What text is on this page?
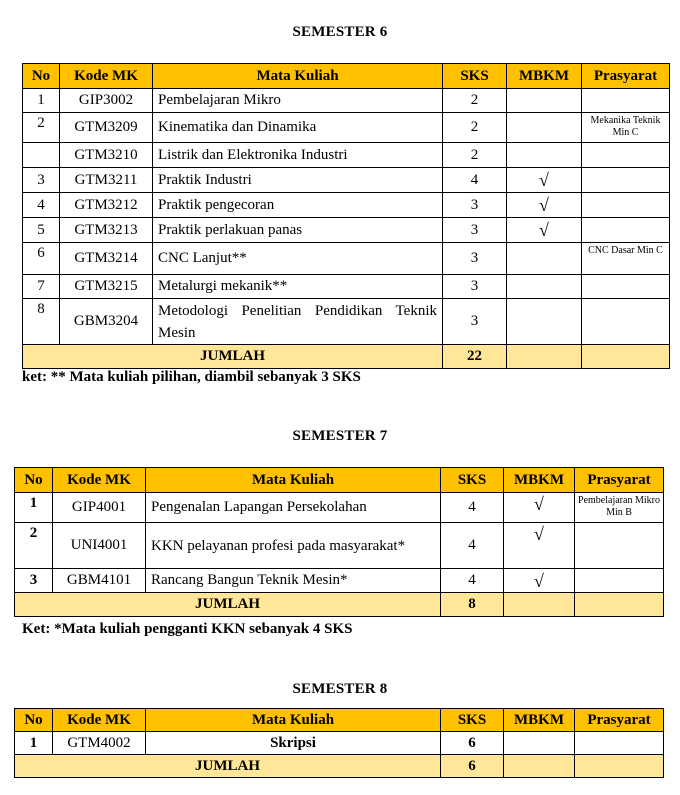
SEMESTER 6
No	Kode MK	Mata Kuliah	SKS	MBKM	Prasyarat
1	GIP3002	Pembelajaran Mikro	2		
2	GTM3209	Kinematika dan Dinamika	2		Mekanika Teknik Min C
	GTM3210	Listrik dan Elektronika Industri	2		
3	GTM3211	Praktik Industri	4	√	
4	GTM3212	Praktik pengecoran	3	√	
5	GTM3213	Praktik perlakuan panas	3	√	
6	GTM3214	CNC Lanjut**	3		CNC Dasar Min C
7	GTM3215	Metalurgi mekanik**	3		
8	GBM3204	Metodologi Penelitian Pendidikan Teknik Mesin	3		
JUMLAH			22		
ket: ** Mata kuliah pilihan, diambil sebanyak 3 SKS
SEMESTER 7
No	Kode MK	Mata Kuliah	SKS	MBKM	Prasyarat
1	GIP4001	Pengenalan Lapangan Persekolahan	4	√	Pembelajaran Mikro Min B
2	UNI4001	KKN pelayanan profesi pada masyarakat*	4	√	
3	GBM4101	Rancang Bangun Teknik Mesin*	4	√	
JUMLAH			8		
Ket: *Mata kuliah pengganti KKN sebanyak 4 SKS
SEMESTER 8
No	Kode MK	Mata Kuliah	SKS	MBKM	Prasyarat
1	GTM4002	Skripsi	6		
JUMLAH			6		
